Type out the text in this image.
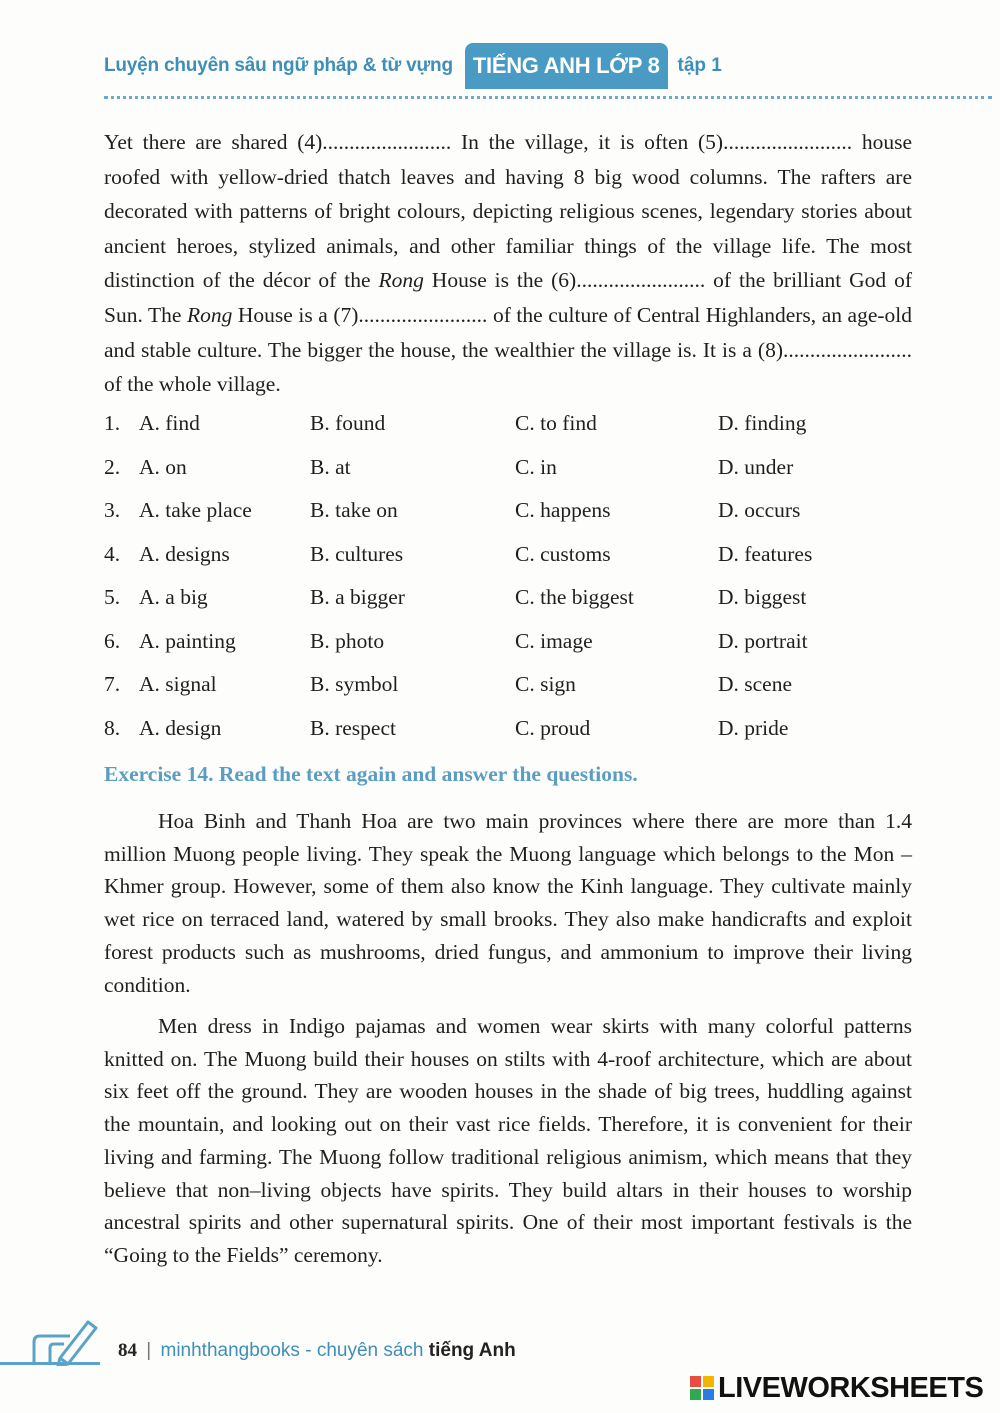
Luyện chuyên sâu ngữ pháp & từ vựng TIẾNG ANH LỚP 8 tập 1

Yet there are shared (4)........................ In the village, it is often (5)........................ house roofed with yellow-dried thatch leaves and having 8 big wood columns. The rafters are decorated with patterns of bright colours, depicting religious scenes, legendary stories about ancient heroes, stylized animals, and other familiar things of the village life. The most distinction of the décor of the Rong House is the (6)........................ of the brilliant God of Sun. The Rong House is a (7)........................ of the culture of Central Highlanders, an age-old and stable culture. The bigger the house, the wealthier the village is. It is a (8)........................ of the whole village.

1. A. find	B. found	C. to find	D. finding
2. A. on	B. at	C. in	D. under
3. A. take place	B. take on	C. happens	D. occurs
4. A. designs	B. cultures	C. customs	D. features
5. A. a big	B. a bigger	C. the biggest	D. biggest
6. A. painting	B. photo	C. image	D. portrait
7. A. signal	B. symbol	C. sign	D. scene
8. A. design	B. respect	C. proud	D. pride
Exercise 14. Read the text again and answer the questions.

Hoa Binh and Thanh Hoa are two main provinces where there are more than 1.4 million Muong people living. They speak the Muong language which belongs to the Mon – Khmer group. However, some of them also know the Kinh language. They cultivate mainly wet rice on terraced land, watered by small brooks. They also make handicrafts and exploit forest products such as mushrooms, dried fungus, and ammonium to improve their living condition.

Men dress in Indigo pajamas and women wear skirts with many colorful patterns knitted on. The Muong build their houses on stilts with 4-roof architecture, which are about six feet off the ground. They are wooden houses in the shade of big trees, huddling against the mountain, and looking out on their vast rice fields. Therefore, it is convenient for their living and farming. The Muong follow traditional religious animism, which means that they believe that non–living objects have spirits. They build altars in their houses to worship ancestral spirits and other supernatural spirits. One of their most important festivals is the “Going to the Fields” ceremony.

84 | minhthangbooks - chuyên sách tiếng Anh
LIVEWORKSHEETS
